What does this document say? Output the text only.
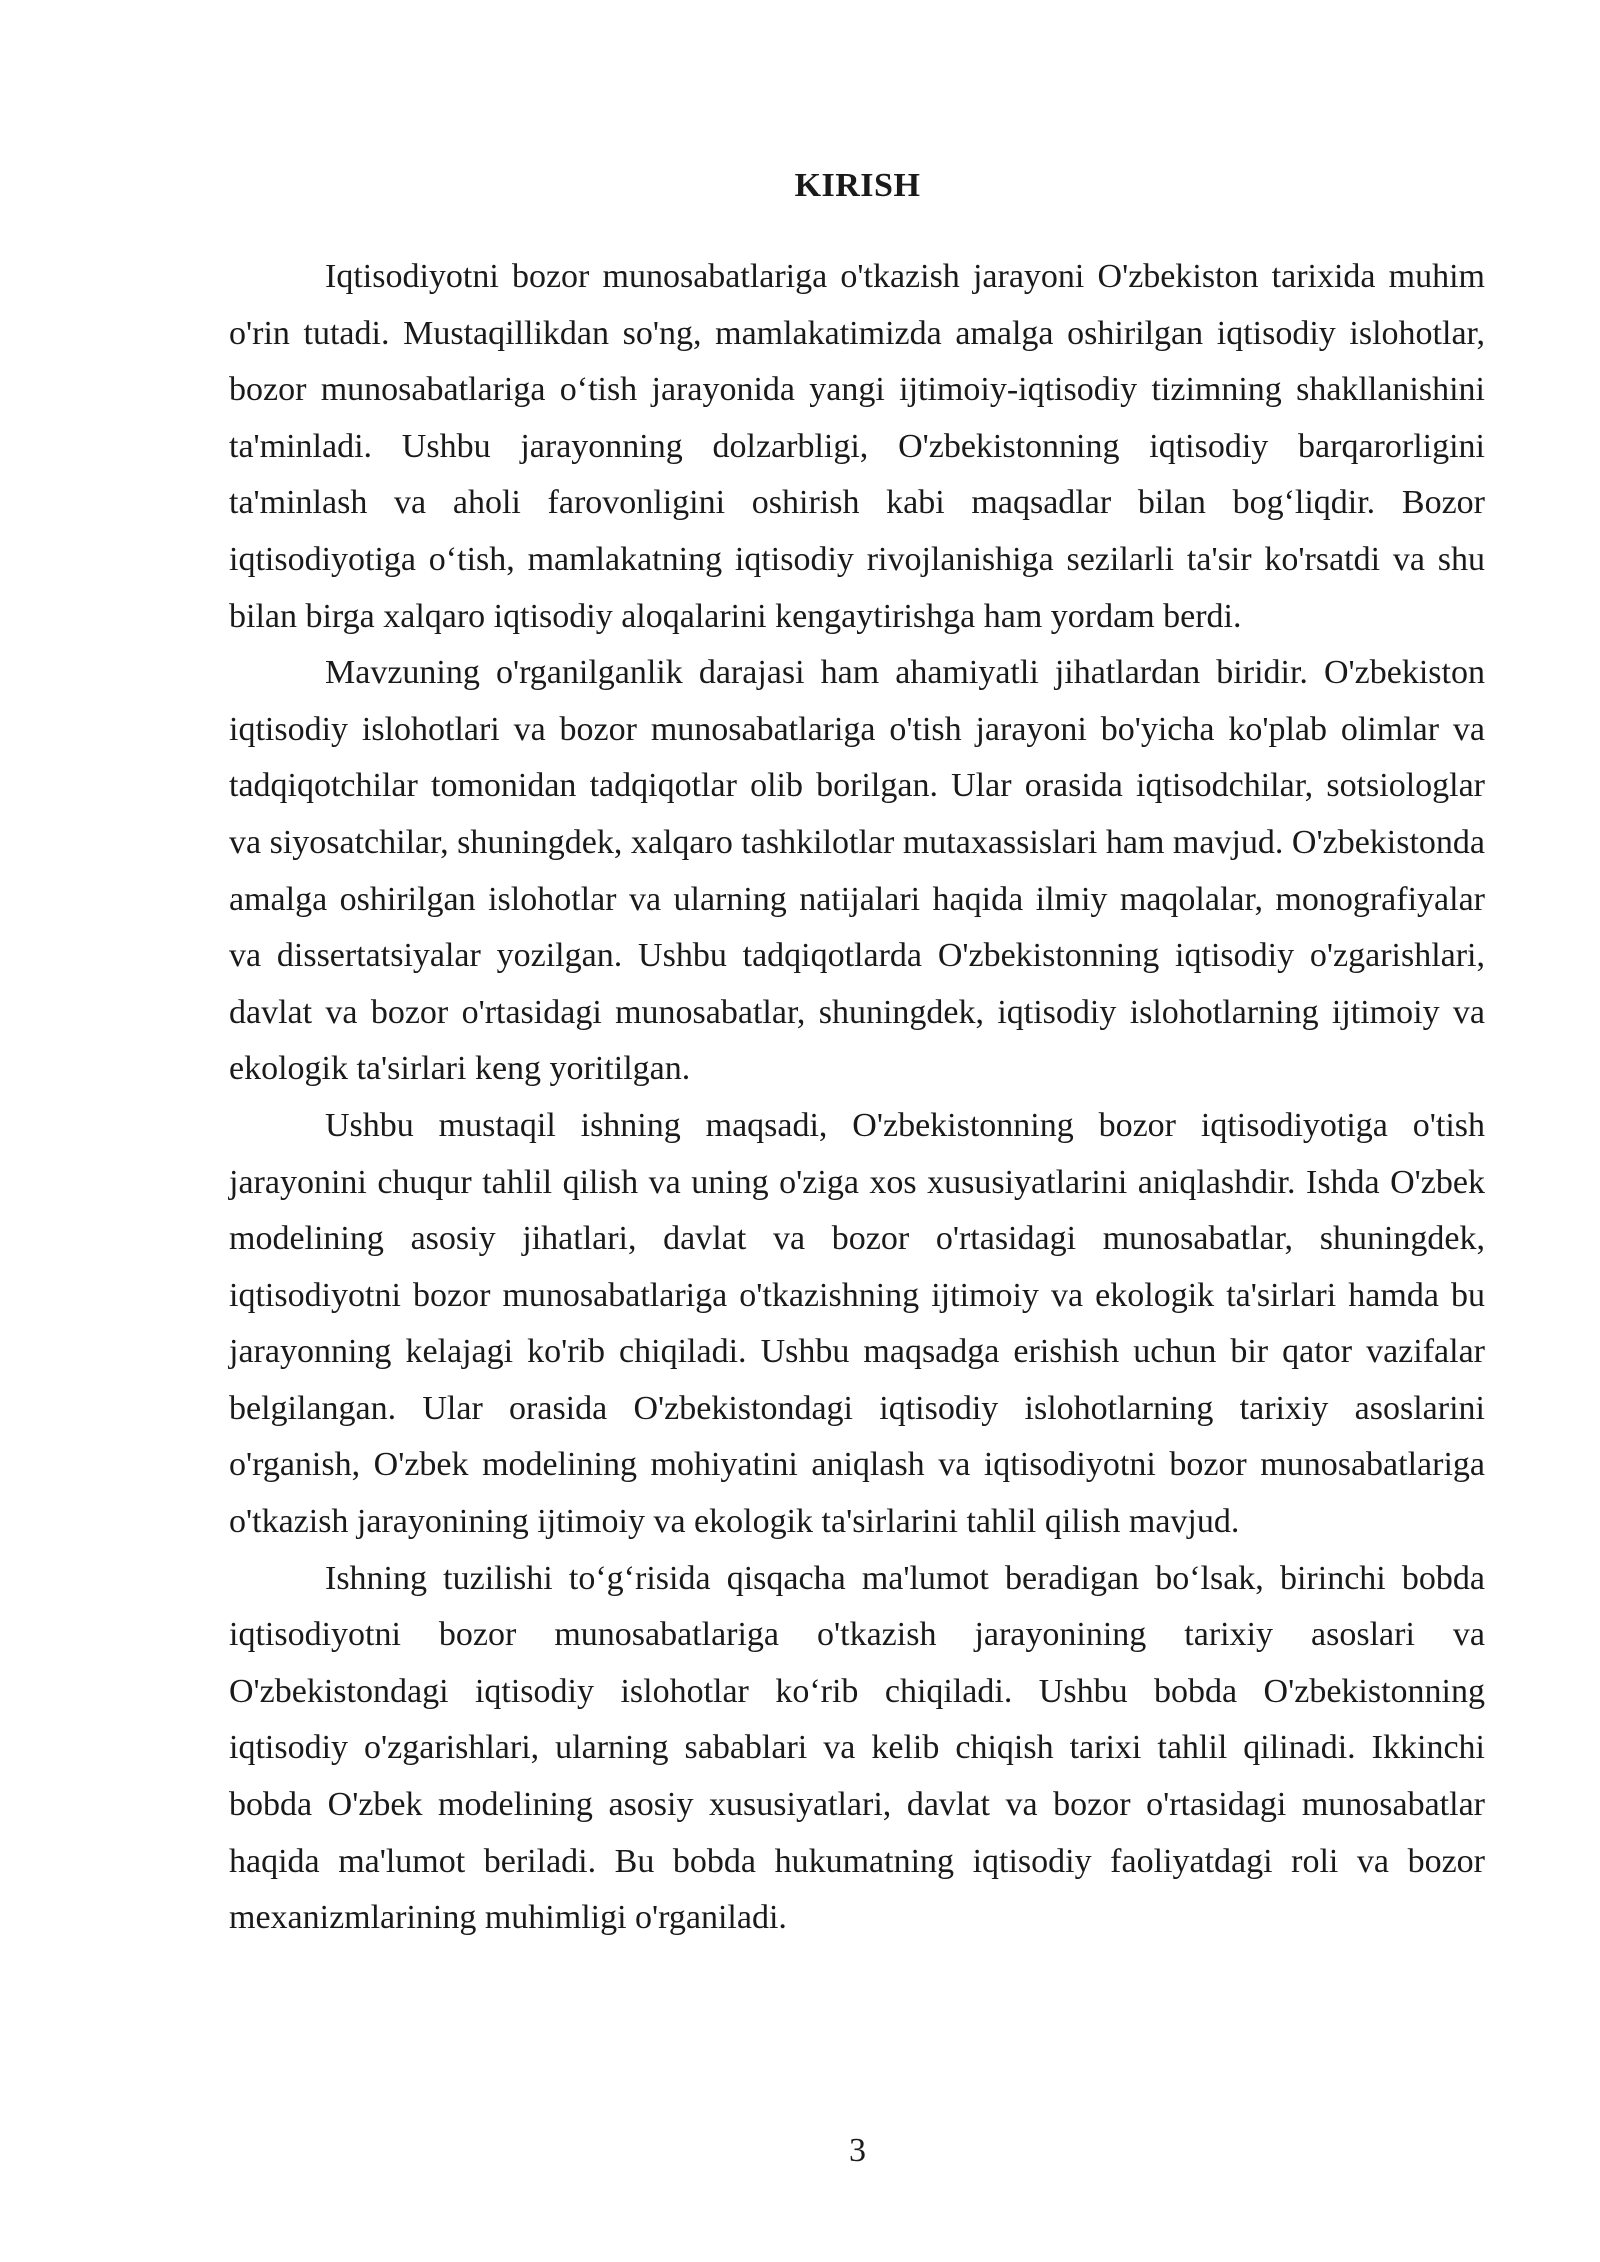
KIRISH

Iqtisodiyotni bozor munosabatlariga o'tkazish jarayoni O'zbekiston tarixida muhim o'rin tutadi. Mustaqillikdan so'ng, mamlakatimizda amalga oshirilgan iqtisodiy islohotlar, bozor munosabatlariga o‘tish jarayonida yangi ijtimoiy-iqtisodiy tizimning shakllanishini ta'minladi. Ushbu jarayonning dolzarbligi, O'zbekistonning iqtisodiy barqarorligini ta'minlash va aholi farovonligini oshirish kabi maqsadlar bilan bog‘liqdir. Bozor iqtisodiyotiga o‘tish, mamlakatning iqtisodiy rivojlanishiga sezilarli ta'sir ko'rsatdi va shu bilan birga xalqaro iqtisodiy aloqalarini kengaytirishga ham yordam berdi.

Mavzuning o'rganilganlik darajasi ham ahamiyatli jihatlardan biridir. O'zbekiston iqtisodiy islohotlari va bozor munosabatlariga o'tish jarayoni bo'yicha ko'plab olimlar va tadqiqotchilar tomonidan tadqiqotlar olib borilgan. Ular orasida iqtisodchilar, sotsiologlar va siyosatchilar, shuningdek, xalqaro tashkilotlar mutaxassislari ham mavjud. O'zbekistonda amalga oshirilgan islohotlar va ularning natijalari haqida ilmiy maqolalar, monografiyalar va dissertatsiyalar yozilgan. Ushbu tadqiqotlarda O'zbekistonning iqtisodiy o'zgarishlari, davlat va bozor o'rtasidagi munosabatlar, shuningdek, iqtisodiy islohotlarning ijtimoiy va ekologik ta'sirlari keng yoritilgan.

Ushbu mustaqil ishning maqsadi, O'zbekistonning bozor iqtisodiyotiga o'tish jarayonini chuqur tahlil qilish va uning o'ziga xos xususiyatlarini aniqlashdir. Ishda O'zbek modelining asosiy jihatlari, davlat va bozor o'rtasidagi munosabatlar, shuningdek, iqtisodiyotni bozor munosabatlariga o'tkazishning ijtimoiy va ekologik ta'sirlari hamda bu jarayonning kelajagi ko'rib chiqiladi. Ushbu maqsadga erishish uchun bir qator vazifalar belgilangan. Ular orasida O'zbekistondagi iqtisodiy islohotlarning tarixiy asoslarini o'rganish, O'zbek modelining mohiyatini aniqlash va iqtisodiyotni bozor munosabatlariga o'tkazish jarayonining ijtimoiy va ekologik ta'sirlarini tahlil qilish mavjud.

Ishning tuzilishi to‘g‘risida qisqacha ma'lumot beradigan bo‘lsak, birinchi bobda iqtisodiyotni bozor munosabatlariga o'tkazish jarayonining tarixiy asoslari va O'zbekistondagi iqtisodiy islohotlar ko‘rib chiqiladi. Ushbu bobda O'zbekistonning iqtisodiy o'zgarishlari, ularning sabablari va kelib chiqish tarixi tahlil qilinadi. Ikkinchi bobda O'zbek modelining asosiy xususiyatlari, davlat va bozor o'rtasidagi munosabatlar haqida ma'lumot beriladi. Bu bobda hukumatning iqtisodiy faoliyatdagi roli va bozor mexanizmlarining muhimligi o'rganiladi.

3
